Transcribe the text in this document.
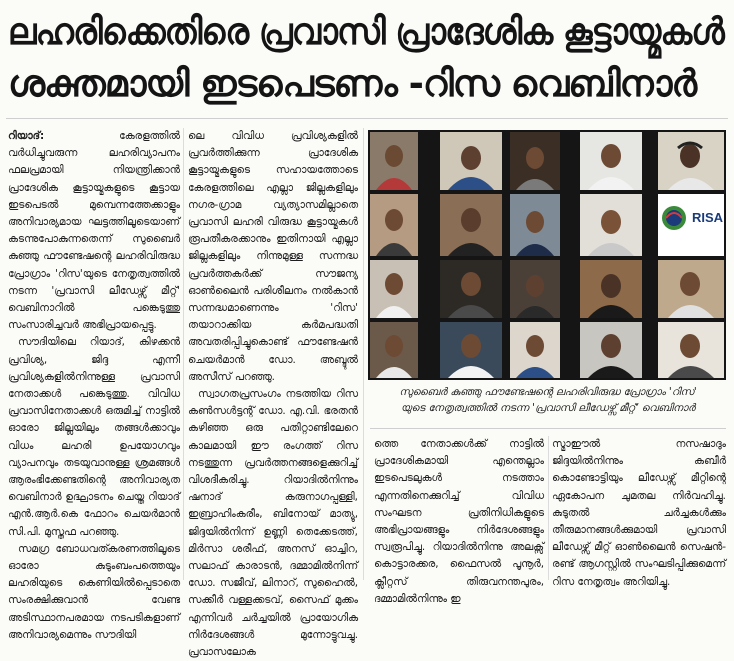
ലഹരിക്കെതിരെ പ്രവാസി പ്രാദേശിക കൂട്ടായ്മകൾ
ശക്തമായി ഇടപെടണം -റിസ വെബിനാർ

റിയാദ്: കേരളത്തിൽ വർധിച്ചുവരുന്ന ലഹരിവ്യാപനം ഫലപ്രമായി നിയന്ത്രിക്കാൻ പ്രാദേശിക കൂട്ടായ്മകളുടെ കൂട്ടായ ഇടപെടൽ മുമ്പെന്നത്തേക്കാളും അനിവാര്യമായ ഘട്ടത്തിലൂടെയാണ് കടന്നുപോകുന്നതെന്ന് സുബൈർ കുഞ്ഞു ഫൗണ്ടേഷന്റെ ലഹരിവിരുദ്ധ പ്രോഗ്രാം 'റിസ'യുടെ നേതൃത്വത്തിൽ നടന്ന 'പ്രവാസി ലീഡേഴ്സ് മീറ്റ്' വെബിനാറിൽ പങ്കെടുത്തു സംസാരിച്ചവർ അഭിപ്രായപ്പെട്ടു.

സൗദിയിലെ റിയാദ്, കിഴക്കൻ പ്രവിശ്യ, ജിദ്ദ എന്നീ പ്രവിശ്യകളിൽനിന്നുള്ള പ്രവാസി നേതാക്കൾ പങ്കെടുത്തു. വിവിധ പ്രവാസിനേതാക്കൾ ഒരുമിച്ച് നാട്ടിൽ ഓരോ ജില്ലയിലും തങ്ങൾക്കാവും വിധം ലഹരി ഉപയോഗവും വ്യാപനവും തടയുവാനുള്ള ശ്രമങ്ങൾ ആരംഭിക്കേണ്ടതിന്റെ അനിവാര്യത വെബിനാർ ഉദ്ഘാടനം ചെയ്ത റിയാദ് എൻ.ആർ.കെ ഫോറം ചെയർമാൻ സി.പി. മുസ്തഫ പറഞ്ഞു.

സമഗ്ര ബോധവത്കരണത്തിലൂടെ ഓരോ കുടുംബംപത്തെയും ലഹരിയുടെ കെണിയിൽപ്പെടാതെ സംരക്ഷിക്കുവാൻ വേണ്ട അടിസ്ഥാനപരമായ നടപടികളാണ് അനിവാര്യമെന്നും സൗദിയി

ലെ വിവിധ പ്രവിശ്യകളിൽ പ്രവർത്തിക്കുന്ന പ്രാദേശിക കൂട്ടായ്മകളുടെ സഹായത്തോടെ കേരളത്തിലെ എല്ലാ ജില്ലകളിലും നഗര-ഗ്രാമ വ്യത്യാസമില്ലാതെ പ്രവാസി ലഹരി വിരുദ്ധ കൂട്ടായ്മകൾ രൂപതീകരക്കാനും ഇതിനായി എല്ലാ ജില്ലകളിലും നിന്നുമുള്ള സന്നദ്ധ പ്രവർത്തകർക്ക് സൗജന്യ ഓൺലൈൻ പരിശീലനം നൽകാൻ സന്നദ്ധമാണെന്നും 'റിസ' തയാറാക്കിയ കർമപദ്ധതി അവതരിപ്പിച്ചുകൊണ്ട് ഫൗണ്ടേഷൻ ചെയർമാൻ ഡോ. അബ്ദുൽ അസീസ് പറഞ്ഞു.

സ്വാഗതപ്രസംഗം നടത്തിയ റിസ കൺസൾട്ടന്റ് ഡോ. എ.വി. ഭരതൻ കഴിഞ്ഞ ഒരു പതിറ്റാണ്ടിലേറെ കാലമായി ഈ രംഗത്ത് റിസ നടത്തുന്ന പ്രവർത്തനങ്ങളെക്കുറിച്ച് വിശദീകരിച്ചു. റിയാദിൽനിന്നും ഷനാദ് കരുനാഗപ്പള്ളി, ഇബ്രാഹിംകരീം, ബിനോയ് മാത്യു, ജിദ്ദയിൽനിന്ന് ഉണ്ണി തെക്കേടത്ത്, മിർസാ ശരീഫ്, അനസ് ഓച്ചിറ, സലാഫ് കാരാടൻ, ദമ്മാമിൽനിന്ന് ഡോ. സജീവ്, ലിനാറ്, സുഹൈൽ, സക്കീർ വള്ളക്കടവ്, സൈഫ് മുക്കം എന്നിവർ ചർച്ചയിൽ പ്രായോഗിക നിർദേശങ്ങൾ മുന്നോട്ടുവച്ചു. പ്രവാസലോക

RISA
സുബൈർ കുഞ്ഞു ഫൗണ്ടേഷന്റെ ലഹരിവിരുദ്ധ പ്രോഗ്രാം 'റിസ'
യുടെ നേതൃത്വത്തിൽ നടന്ന 'പ്രവാസി ലീഡേഴ്സ് മീറ്റ്' വെബിനാർ
ത്തെ നേതാക്കൾക്ക് നാട്ടിൽ പ്രാദേശികമായി എന്തെല്ലാം ഇടപെടലുകൾ നടത്താം എന്നതിനെക്കുറിച്ച് വിവിധ സംഘടന പ്രതിനിധികളുടെ അഭിപ്രായങ്ങളും നിർദേശങ്ങളും സ്വരൂപിച്ചു. റിയാദിൽനിന്നു അലക്സ് കൊട്ടാരക്കര, ഫൈസൽ പൂനൂർ, ക്ലീറ്റസ് തിരുവനന്തപുരം, ദമ്മാമിൽനിന്നും ഇ
സ്മാഈൽ നസഷാദും ജിദ്ദയിൽനിന്നും കബീർ കൊണ്ടോട്ടിയും ലീഡേഴ്സ് മീറ്റിന്റെ ഏകോപന ചുമതല നിർവഹിച്ചു. കുടുതൽ ചർച്ചകൾക്കും തീരുമാനങ്ങൾക്കുമായി പ്രവാസി ലീഡേഴ്സ് മീറ്റ് ഓൺലൈൻ സെഷൻ-രണ്ട് ആഗസ്റ്റിൽ സംഘടിപ്പിക്കുമെന്ന് റിസ നേതൃത്വം അറിയിച്ചു.
